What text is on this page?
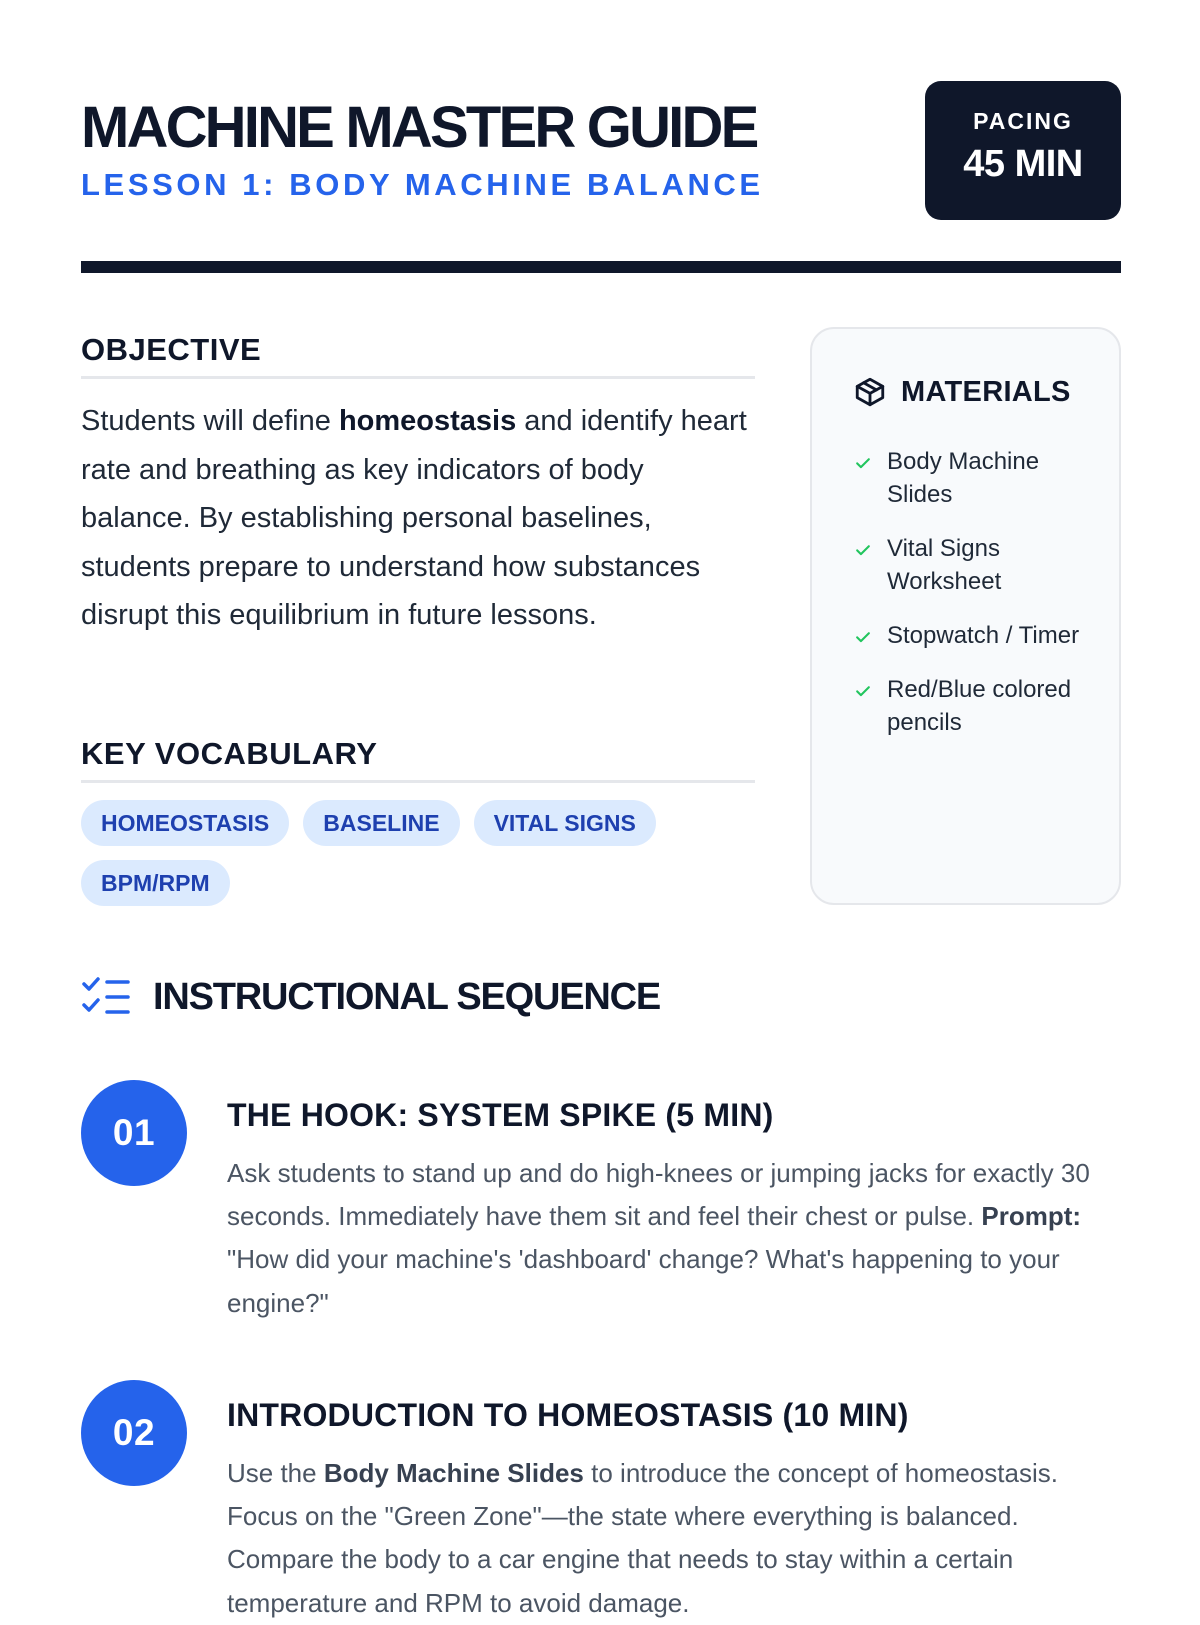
MACHINE MASTER GUIDE
LESSON 1: BODY MACHINE BALANCE
PACING
45 MIN
OBJECTIVE

Students will define homeostasis and identify heart rate and breathing as key indicators of body balance. By establishing personal baselines, students prepare to understand how substances disrupt this equilibrium in future lessons.

KEY VOCABULARY
HOMEOSTASIS	BASELINE	VITAL SIGNS
BPM/RPM
MATERIALS
Body Machine Slides
Vital Signs Worksheet
Stopwatch / Timer
Red/Blue colored pencils
INSTRUCTIONAL SEQUENCE
01	THE HOOK: SYSTEM SPIKE (5 MIN)

Ask students to stand up and do high-knees or jumping jacks for exactly 30 seconds. Immediately have them sit and feel their chest or pulse. Prompt: "How did your machine's 'dashboard' change? What's happening to your engine?"

02	INTRODUCTION TO HOMEOSTASIS (10 MIN)

Use the Body Machine Slides to introduce the concept of homeostasis. Focus on the "Green Zone"—the state where everything is balanced. Compare the body to a car engine that needs to stay within a certain temperature and RPM to avoid damage.
